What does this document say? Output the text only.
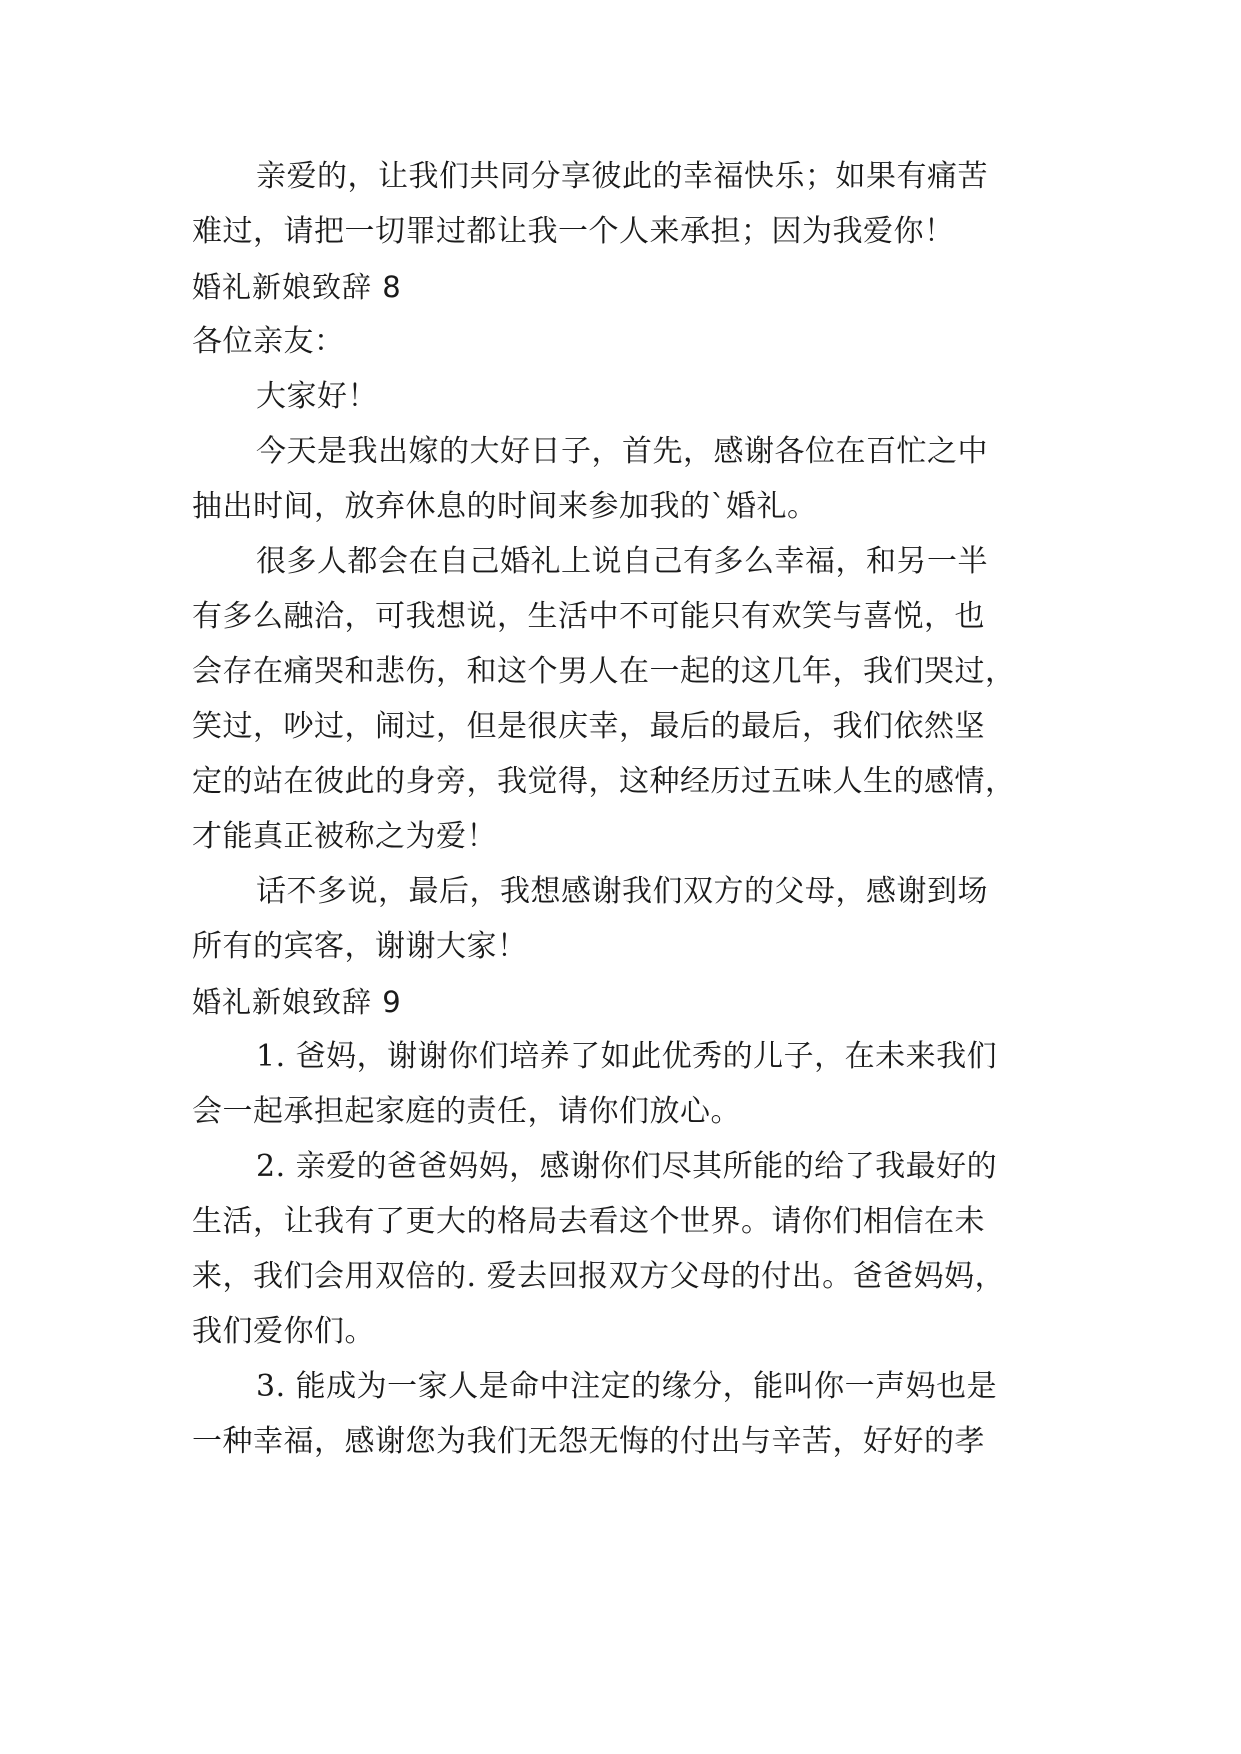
亲爱的，让我们共同分享彼此的幸福快乐；如果有痛苦
难过，请把一切罪过都让我一个人来承担；因为我爱你！
婚礼新娘致辞 8
各位亲友：
大家好！
今天是我出嫁的大好日子，首先，感谢各位在百忙之中
抽出时间，放弃休息的时间来参加我的`婚礼。
很多人都会在自己婚礼上说自己有多么幸福，和另一半
有多么融洽，可我想说，生活中不可能只有欢笑与喜悦，也
会存在痛哭和悲伤，和这个男人在一起的这几年，我们哭过，
笑过，吵过，闹过，但是很庆幸，最后的最后，我们依然坚
定的站在彼此的身旁，我觉得，这种经历过五味人生的感情，
才能真正被称之为爱！
话不多说，最后，我想感谢我们双方的父母，感谢到场
所有的宾客，谢谢大家！
婚礼新娘致辞 9
1. 爸妈，谢谢你们培养了如此优秀的儿子，在未来我们
会一起承担起家庭的责任，请你们放心。
2. 亲爱的爸爸妈妈，感谢你们尽其所能的给了我最好的
生活，让我有了更大的格局去看这个世界。请你们相信在未
来，我们会用双倍的. 爱去回报双方父母的付出。爸爸妈妈，
我们爱你们。
3. 能成为一家人是命中注定的缘分，能叫你一声妈也是
一种幸福，感谢您为我们无怨无悔的付出与辛苦，好好的孝
